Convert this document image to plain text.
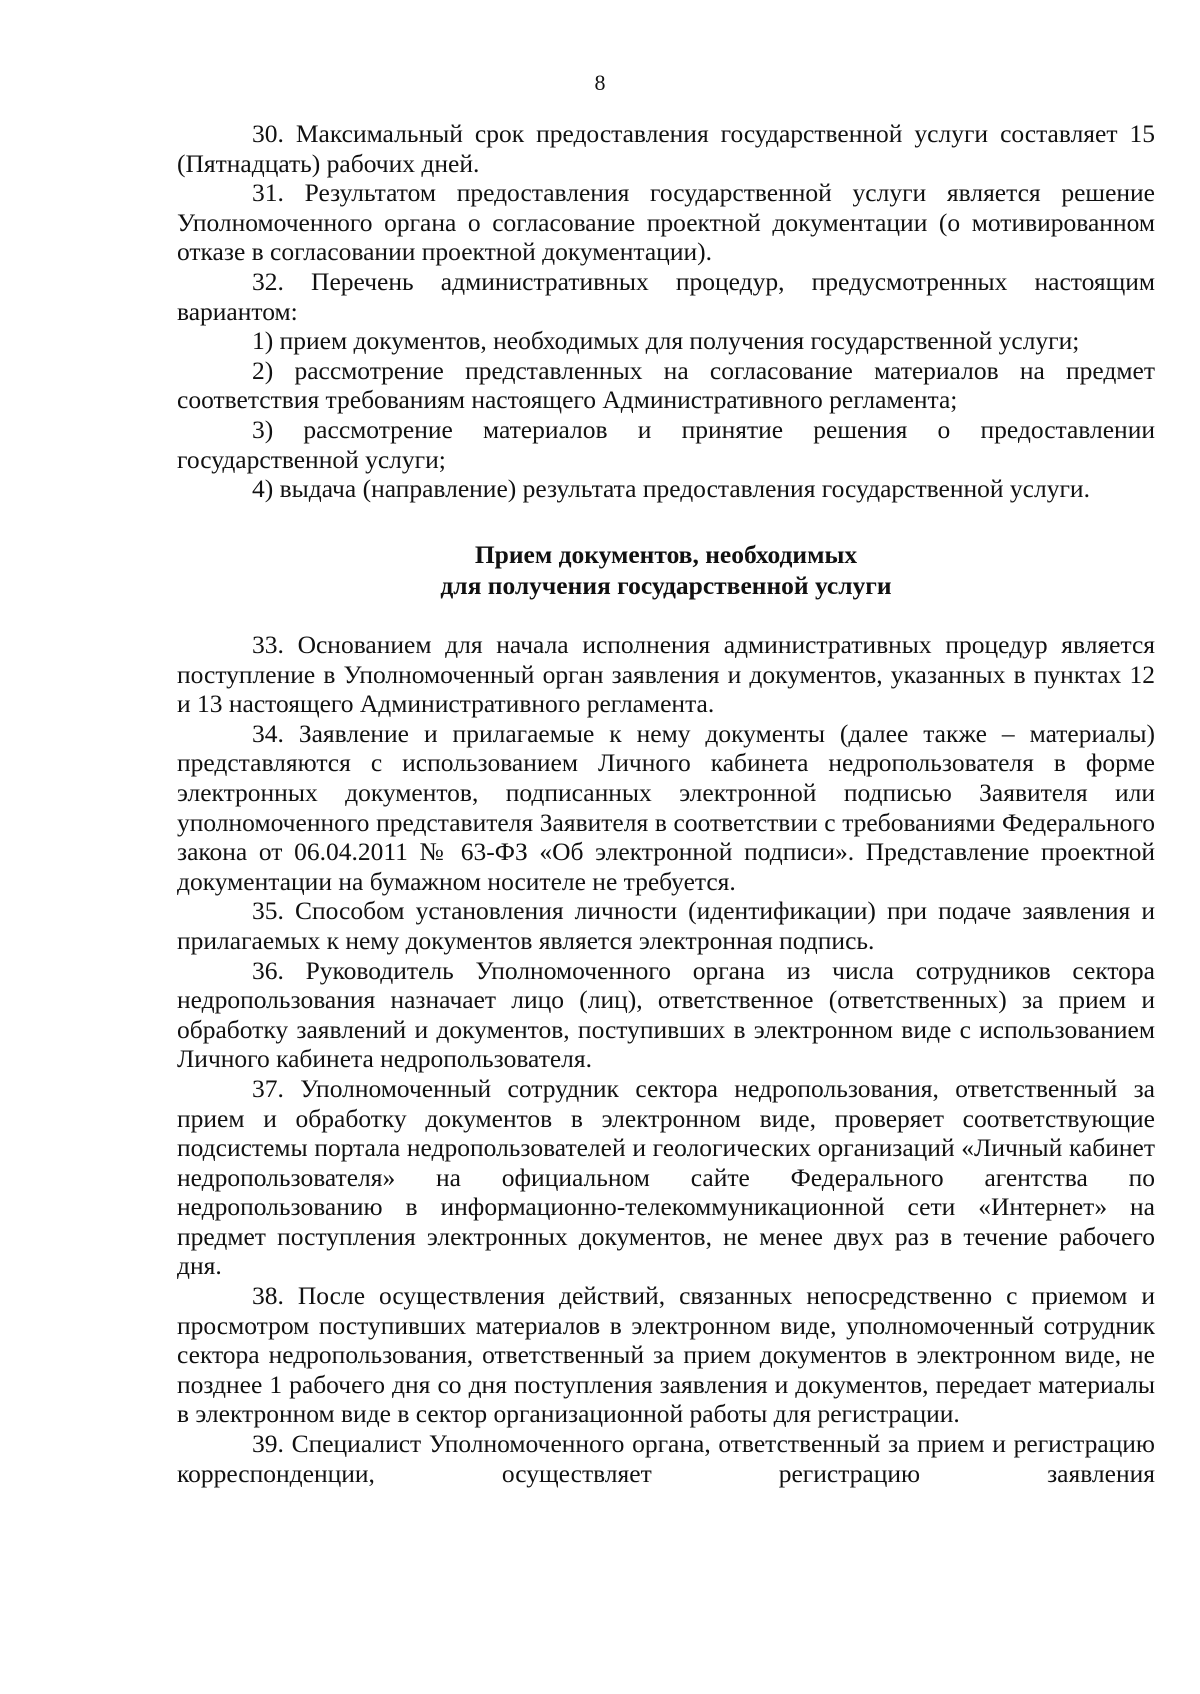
8

30. Максимальный срок предоставления государственной услуги составляет 15 (Пятнадцать) рабочих дней.

31. Результатом предоставления государственной услуги является решение Уполномоченного органа о согласование проектной документации (о мотивированном отказе в согласовании проектной документации).

32. Перечень административных процедур, предусмотренных настоящим вариантом:

1) прием документов, необходимых для получения государственной услуги;

2) рассмотрение представленных на согласование материалов на предмет соответствия требованиям настоящего Административного регламента;

3) рассмотрение материалов и принятие решения о предоставлении государственной услуги;

4) выдача (направление) результата предоставления государственной услуги.

Прием документов, необходимых
для получения государственной услуги

33. Основанием для начала исполнения административных процедур является поступление в Уполномоченный орган заявления и документов, указанных в пунктах 12 и 13 настоящего Административного регламента.

34. Заявление и прилагаемые к нему документы (далее также – материалы) представляются с использованием Личного кабинета недропользователя в форме электронных документов, подписанных электронной подписью Заявителя или уполномоченного представителя Заявителя в соответствии с требованиями Федерального закона от 06.04.2011 № 63-ФЗ «Об электронной подписи». Представление проектной документации на бумажном носителе не требуется.

35. Способом установления личности (идентификации) при подаче заявления и прилагаемых к нему документов является электронная подпись.

36. Руководитель Уполномоченного органа из числа сотрудников сектора недропользования назначает лицо (лиц), ответственное (ответственных) за прием и обработку заявлений и документов, поступивших в электронном виде с использованием Личного кабинета недропользователя.

37. Уполномоченный сотрудник сектора недропользования, ответственный за прием и обработку документов в электронном виде, проверяет соответствующие подсистемы портала недропользователей и геологических организаций «Личный кабинет недропользователя» на официальном сайте Федерального агентства по недропользованию в информационно-телекоммуникационной сети «Интернет» на предмет поступления электронных документов, не менее двух раз в течение рабочего дня.

38. После осуществления действий, связанных непосредственно с приемом и просмотром поступивших материалов в электронном виде, уполномоченный сотрудник сектора недропользования, ответственный за прием документов в электронном виде, не позднее 1 рабочего дня со дня поступления заявления и документов, передает материалы в электронном виде в сектор организационной работы для регистрации.

39. Специалист Уполномоченного органа, ответственный за прием и регистрацию корреспонденции, осуществляет регистрацию заявления
